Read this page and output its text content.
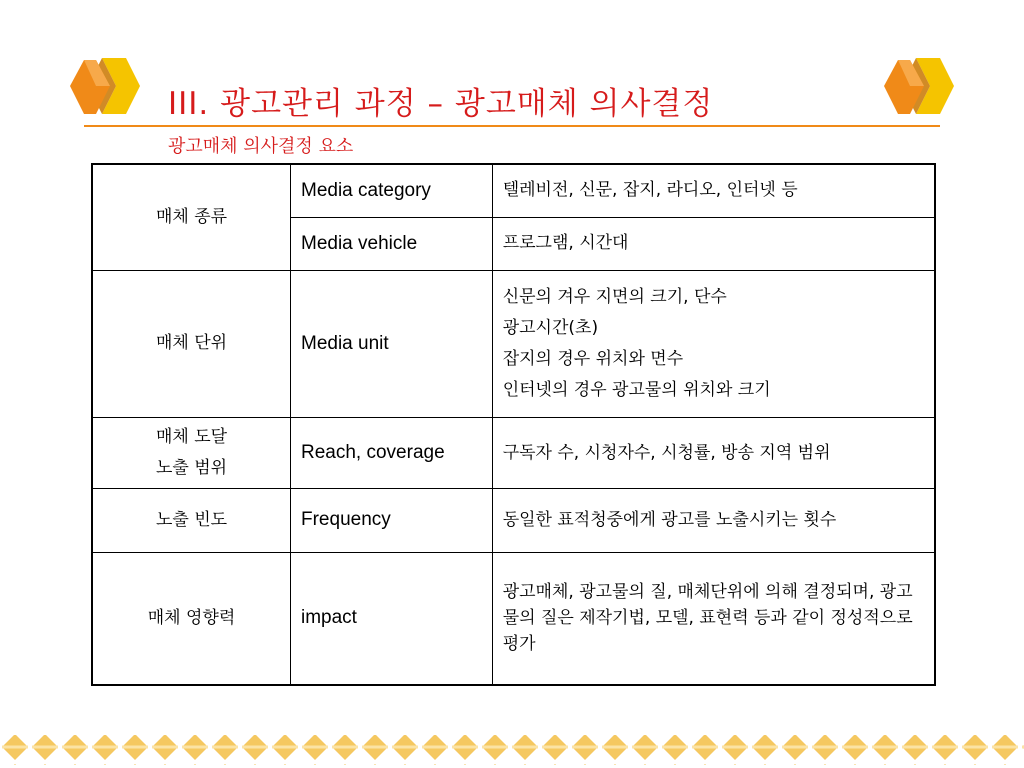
III. 광고관리 과정 – 광고매체 의사결정
광고매체 의사결정 요소
매체 종류	Media category	텔레비전, 신문, 잡지, 라디오, 인터넷 등

	Media vehicle	프로그램, 시간대

매체 단위	Media unit	신문의 겨우 지면의 크기, 단수
광고시간(초)
잡지의 경우 위치와 면수
인터넷의 경우 광고물의 위치와 크기

매체 도달
노출 범위	Reach, coverage	구독자 수, 시청자수, 시청률, 방송 지역 범위

노출 빈도	Frequency	동일한 표적청중에게 광고를 노출시키는 횟수

매체 영향력	impact	광고매체, 광고물의 질, 매체단위에 의해 결정되며, 광고물의 질은 제작기법, 모델, 표현력 등과 같이 정성적으로 평가
